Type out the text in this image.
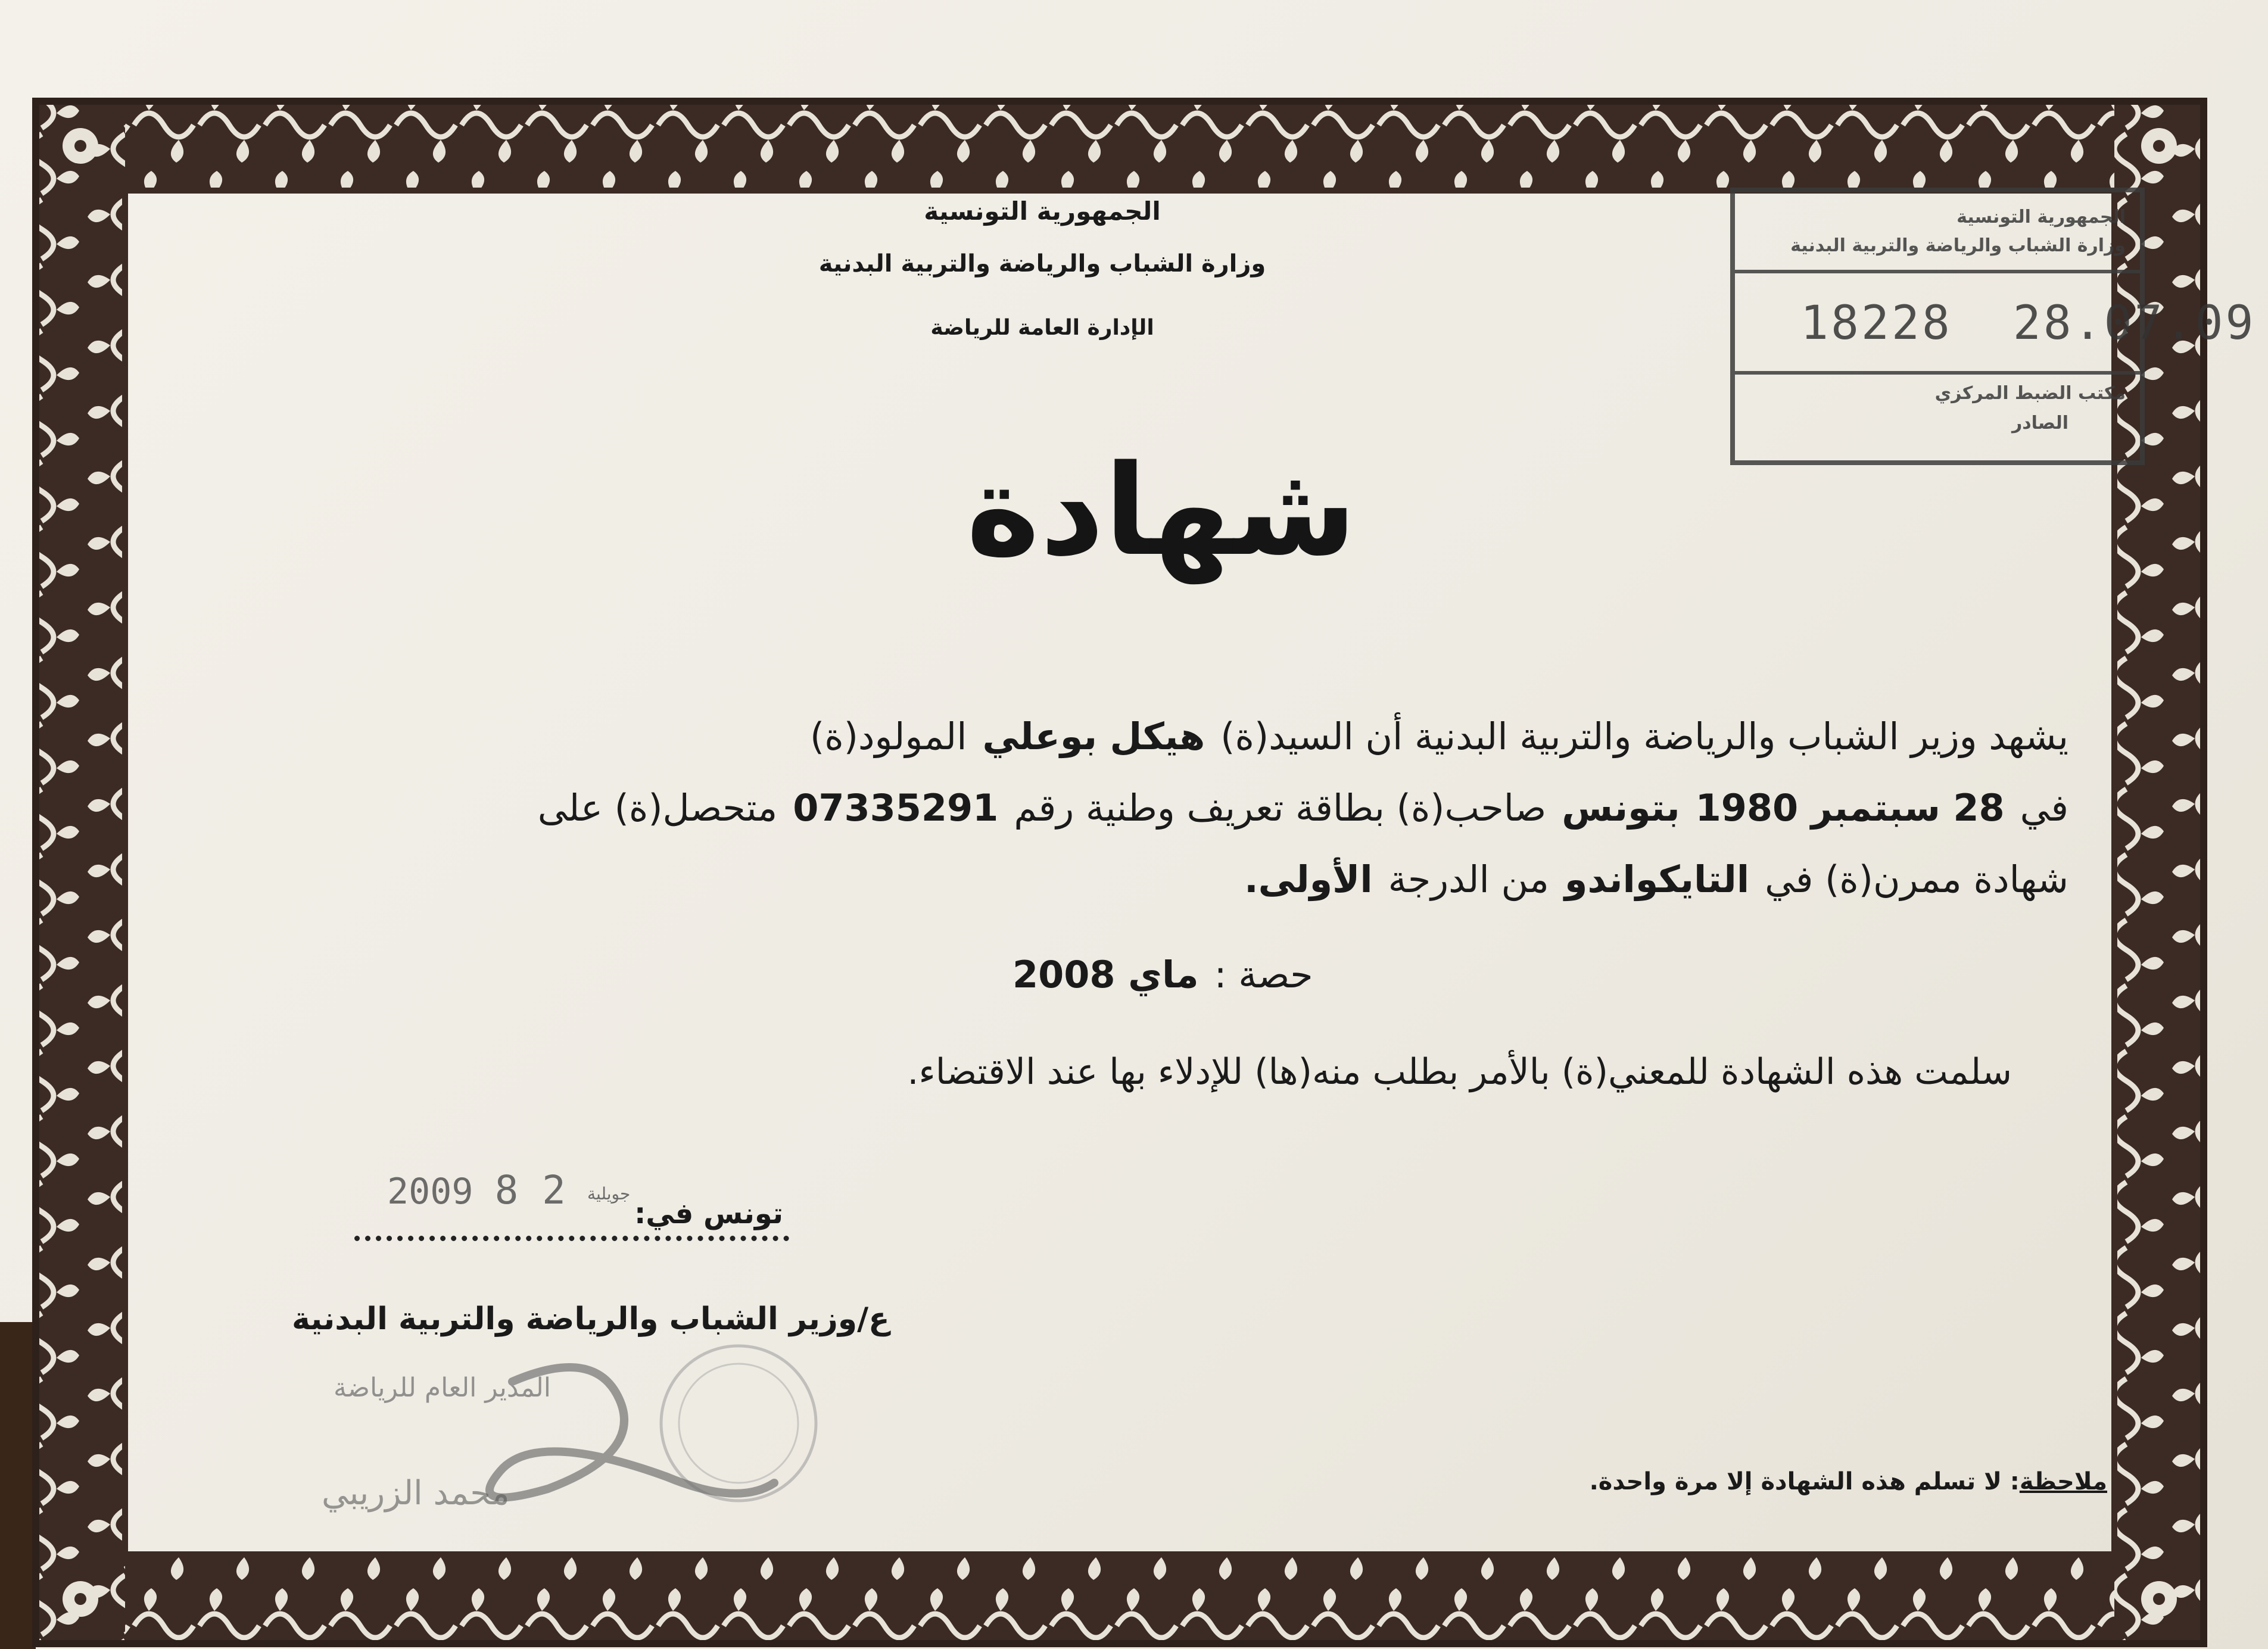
الجمهورية التونسية
وزارة الشباب والرياضة والتربية البدنية
الإدارة العامة للرياضة
الجمهورية التونسية
وزارة الشباب والرياضة والتربية البدنية
18228 28.07.09
مكتب الضبط المركزي
الصادر
شهادة
يشهد وزير الشباب والرياضة والتربية البدنية أن السيد(ة)هيكل بوعليالمولود(ة)
في28 سبتمبر 1980بتونسصاحب(ة) بطاقة تعريف وطنية رقم07335291متحصل(ة) على
شهادة ممرن(ة) فيالتايكواندومن الدرجةالأولى.
حصة :ماي 2008
سلمت هذه الشهادة للمعني(ة) بالأمر بطلب منه(ها) للإدلاء بها عند الاقتضاء.
2009	جويلية 2 8
تونس في:
ع/وزير الشباب والرياضة والتربية البدنية
المدير العام للرياضة
محمد الزريبي	ملاحظة: لا تسلم هذه الشهادة إلا مرة واحدة.
